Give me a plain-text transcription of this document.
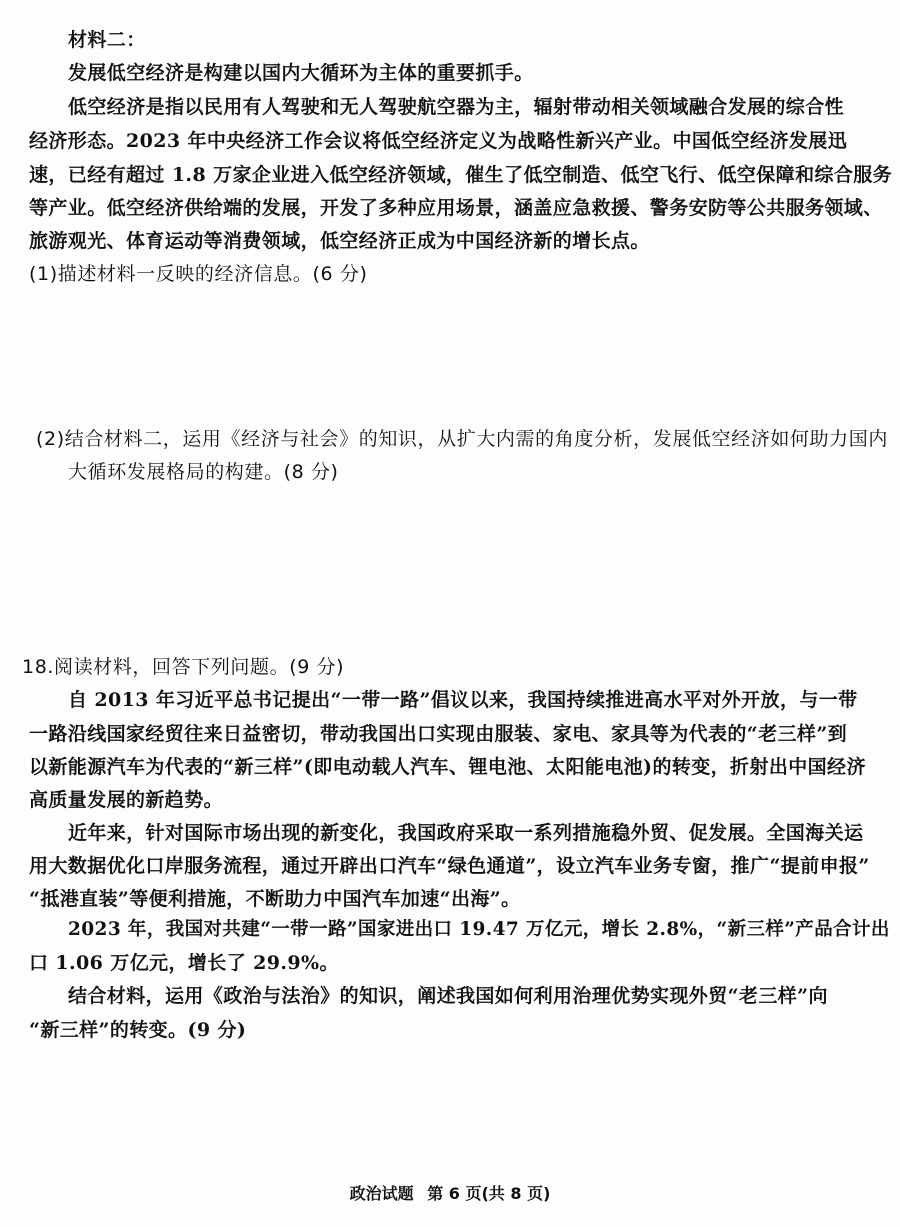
材料二：
发展低空经济是构建以国内大循环为主体的重要抓手。
低空经济是指以民用有人驾驶和无人驾驶航空器为主，辐射带动相关领域融合发展的综合性
经济形态。2023 年中央经济工作会议将低空经济定义为战略性新兴产业。中国低空经济发展迅
速，已经有超过 1.8 万家企业进入低空经济领域，催生了低空制造、低空飞行、低空保障和综合服务
等产业。低空经济供给端的发展，开发了多种应用场景，涵盖应急救援、警务安防等公共服务领域、
旅游观光、体育运动等消费领域，低空经济正成为中国经济新的增长点。
(1)描述材料一反映的经济信息。(6 分)
(2)结合材料二，运用《经济与社会》的知识，从扩大内需的角度分析，发展低空经济如何助力国内
大循环发展格局的构建。(8 分)
18.阅读材料，回答下列问题。(9 分)
自 2013 年习近平总书记提出“一带一路”倡议以来，我国持续推进高水平对外开放，与一带
一路沿线国家经贸往来日益密切，带动我国出口实现由服装、家电、家具等为代表的“老三样”到
以新能源汽车为代表的“新三样”(即电动载人汽车、锂电池、太阳能电池)的转变，折射出中国经济
高质量发展的新趋势。
近年来，针对国际市场出现的新变化，我国政府采取一系列措施稳外贸、促发展。全国海关运
用大数据优化口岸服务流程，通过开辟出口汽车“绿色通道”，设立汽车业务专窗，推广“提前申报”
“抵港直装”等便利措施，不断助力中国汽车加速“出海”。
2023 年，我国对共建“一带一路”国家进出口 19.47 万亿元，增长 2.8%，“新三样”产品合计出
口 1.06 万亿元，增长了 29.9%。
结合材料，运用《政治与法治》的知识，阐述我国如何利用治理优势实现外贸“老三样”向
“新三样”的转变。(9 分)
政治试题 第 6 页(共 8 页)
